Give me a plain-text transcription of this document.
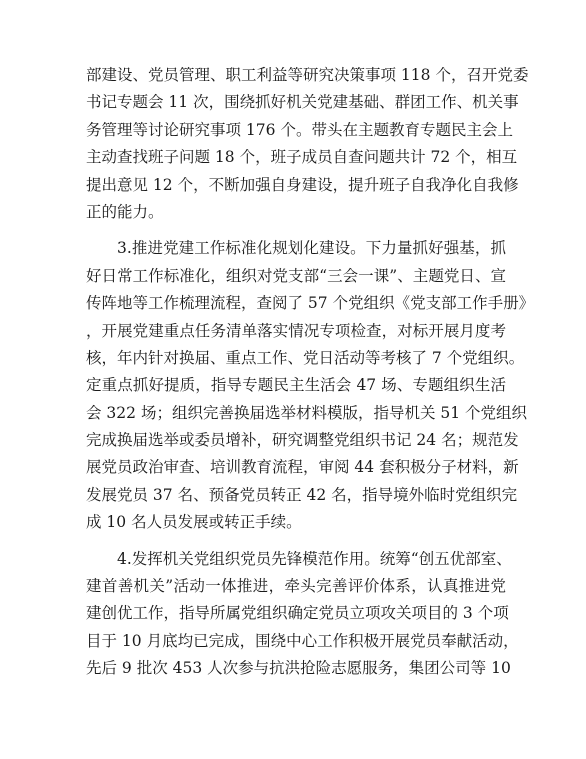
部建设、党员管理、职工利益等研究决策事项 118 个，召开党委
书记专题会 11 次，围绕抓好机关党建基础、群团工作、机关事
务管理等讨论研究事项 176 个。带头在主题教育专题民主会上
主动查找班子问题 18 个，班子成员自查问题共计 72 个，相互
提出意见 12 个，不断加强自身建设，提升班子自我净化自我修
正的能力。
3.推进党建工作标准化规划化建设。下力量抓好强基，抓
好日常工作标准化，组织对党支部“三会一课”、主题党日、宣
传阵地等工作梳理流程，查阅了 57 个党组织《党支部工作手册》
，开展党建重点任务清单落实情况专项检查，对标开展月度考
核，年内针对换届、重点工作、党日活动等考核了 7 个党组织。
定重点抓好提质，指导专题民主生活会 47 场、专题组织生活
会 322 场；组织完善换届选举材料模版，指导机关 51 个党组织
完成换届选举或委员增补，研究调整党组织书记 24 名；规范发
展党员政治审查、培训教育流程，审阅 44 套积极分子材料，新
发展党员 37 名、预备党员转正 42 名，指导境外临时党组织完
成 10 名人员发展或转正手续。
4.发挥机关党组织党员先锋模范作用。统筹“创五优部室、
建首善机关”活动一体推进，牵头完善评价体系，认真推进党
建创优工作，指导所属党组织确定党员立项攻关项目的 3 个项
目于 10 月底均已完成，围绕中心工作积极开展党员奉献活动，
先后 9 批次 453 人次参与抗洪抢险志愿服务，集团公司等 10
